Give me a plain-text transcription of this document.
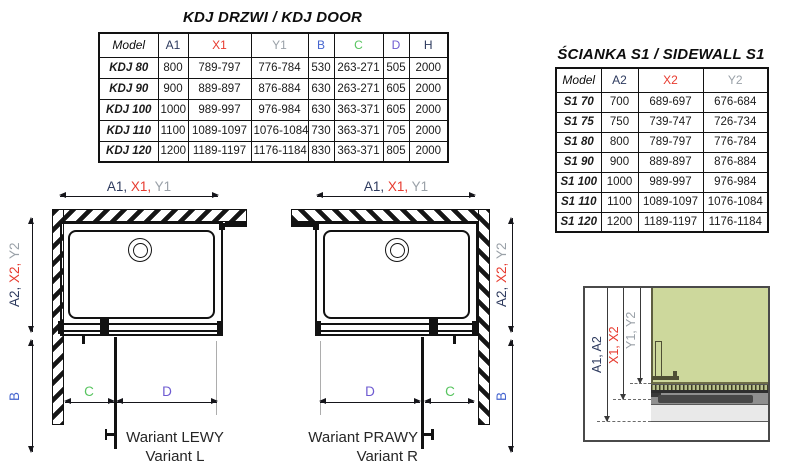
KDJ DRZWI / KDJ DOOR
Model	A1	X1	Y1	B	C	D	H
KDJ 80	800	789-797	776-784	530	263-271	505	2000
KDJ 90	900	889-897	876-884	630	263-271	605	2000
KDJ 100	1000	989-997	976-984	630	363-371	605	2000
KDJ 110	1100	1089-1097	1076-1084	730	363-371	705	2000
KDJ 120	1200	1189-1197	1176-1184	830	363-371	805	2000
ŚCIANKA S1 / SIDEWALL S1
Model	A2	X2	Y2
S1 70	700	689-697	676-684
S1 75	750	739-747	726-734
S1 80	800	789-797	776-784
S1 90	900	889-897	876-884
S1 100	1000	989-997	976-984
S1 110	1100	1089-1097	1076-1084
S1 120	1200	1189-1197	1176-1184
A1, X1, Y1
A2, X2, Y2
B	C	D
Wariant LEWY
Variant L
A1, X1, Y1
A2, X2, Y2
B
D	C
Wariant PRAWY
Variant R
A1, A2 X1, X2 Y1, Y2
